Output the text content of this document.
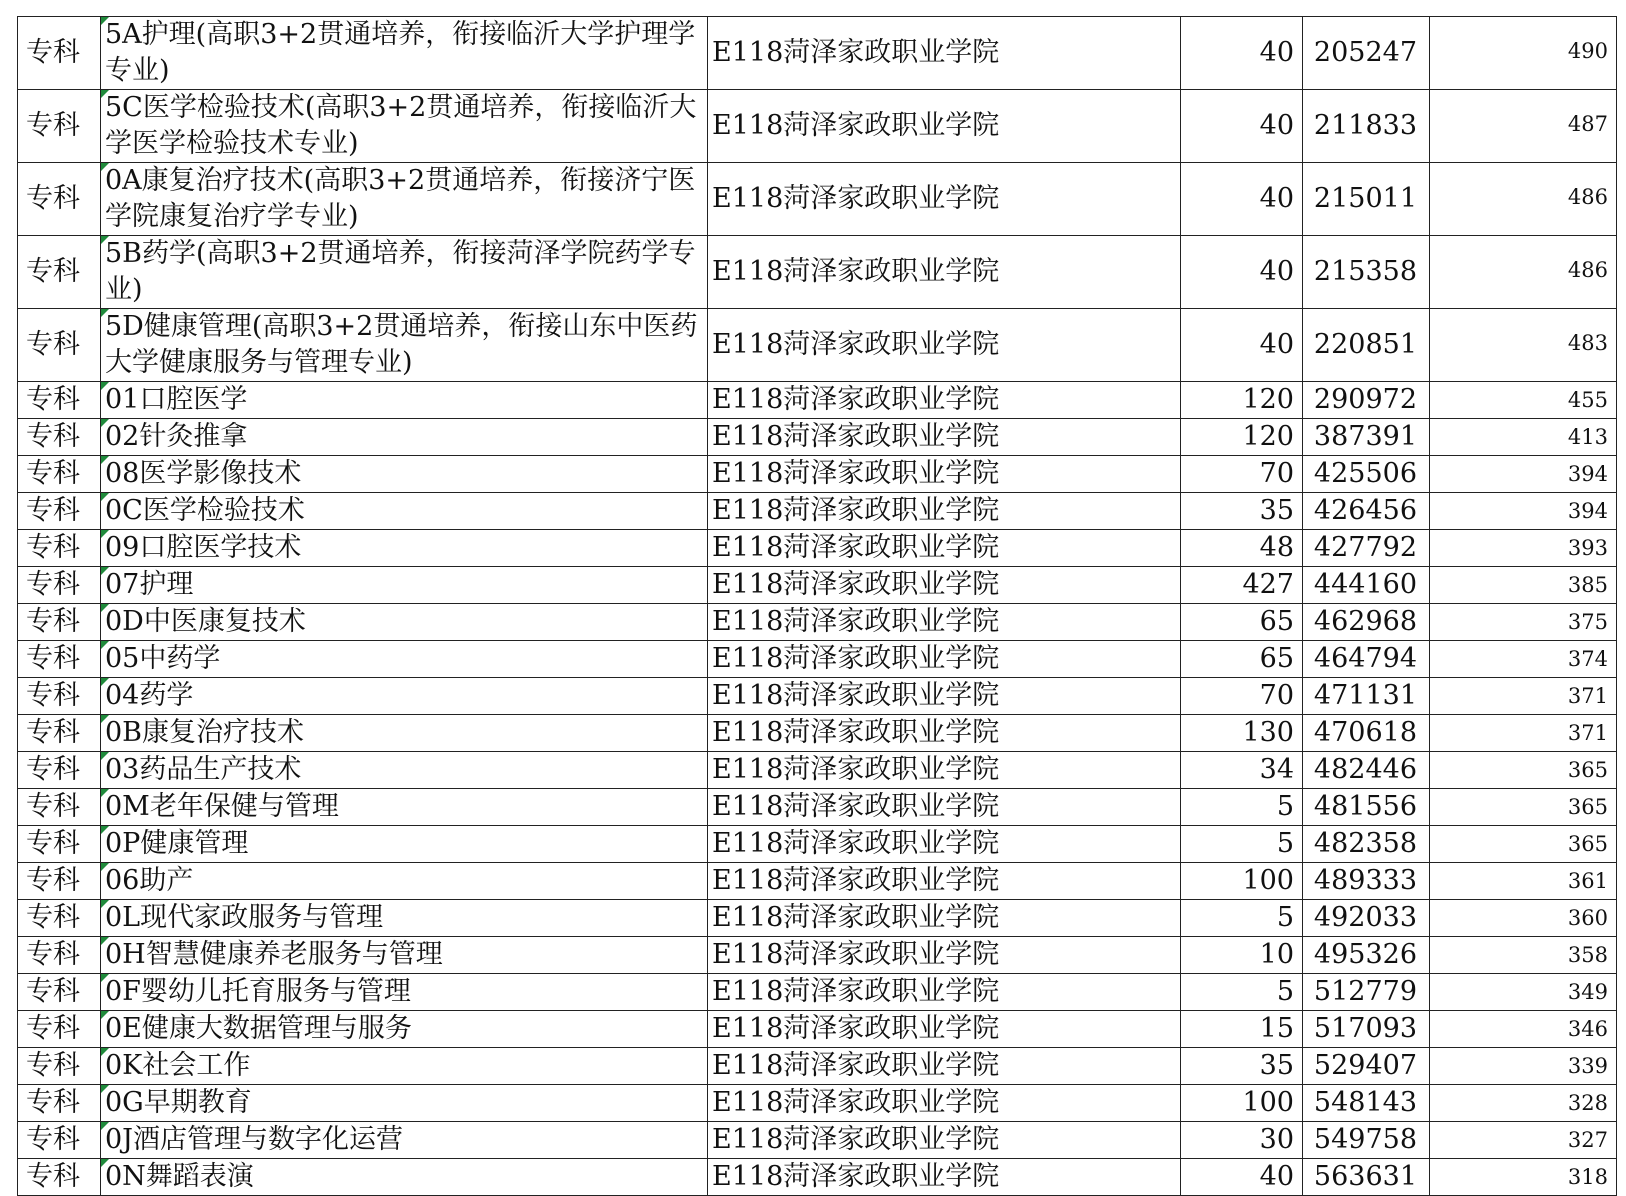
专科	5A护理(高职3+2贯通培养，衔接临沂大学护理学专业)	E118菏泽家政职业学院	40	205247	490
专科	5C医学检验技术(高职3+2贯通培养，衔接临沂大学医学检验技术专业)	E118菏泽家政职业学院	40	211833	487
专科	0A康复治疗技术(高职3+2贯通培养，衔接济宁医学院康复治疗学专业)	E118菏泽家政职业学院	40	215011	486
专科	5B药学(高职3+2贯通培养，衔接菏泽学院药学专业)	E118菏泽家政职业学院	40	215358	486
专科	5D健康管理(高职3+2贯通培养，衔接山东中医药大学健康服务与管理专业)	E118菏泽家政职业学院	40	220851	483
专科	01口腔医学	E118菏泽家政职业学院	120	290972	455
专科	02针灸推拿	E118菏泽家政职业学院	120	387391	413
专科	08医学影像技术	E118菏泽家政职业学院	70	425506	394
专科	0C医学检验技术	E118菏泽家政职业学院	35	426456	394
专科	09口腔医学技术	E118菏泽家政职业学院	48	427792	393
专科	07护理	E118菏泽家政职业学院	427	444160	385
专科	0D中医康复技术	E118菏泽家政职业学院	65	462968	375
专科	05中药学	E118菏泽家政职业学院	65	464794	374
专科	04药学	E118菏泽家政职业学院	70	471131	371
专科	0B康复治疗技术	E118菏泽家政职业学院	130	470618	371
专科	03药品生产技术	E118菏泽家政职业学院	34	482446	365
专科	0M老年保健与管理	E118菏泽家政职业学院	5	481556	365
专科	0P健康管理	E118菏泽家政职业学院	5	482358	365
专科	06助产	E118菏泽家政职业学院	100	489333	361
专科	0L现代家政服务与管理	E118菏泽家政职业学院	5	492033	360
专科	0H智慧健康养老服务与管理	E118菏泽家政职业学院	10	495326	358
专科	0F婴幼儿托育服务与管理	E118菏泽家政职业学院	5	512779	349
专科	0E健康大数据管理与服务	E118菏泽家政职业学院	15	517093	346
专科	0K社会工作	E118菏泽家政职业学院	35	529407	339
专科	0G早期教育	E118菏泽家政职业学院	100	548143	328
专科	0J酒店管理与数字化运营	E118菏泽家政职业学院	30	549758	327
专科	0N舞蹈表演	E118菏泽家政职业学院	40	563631	318
